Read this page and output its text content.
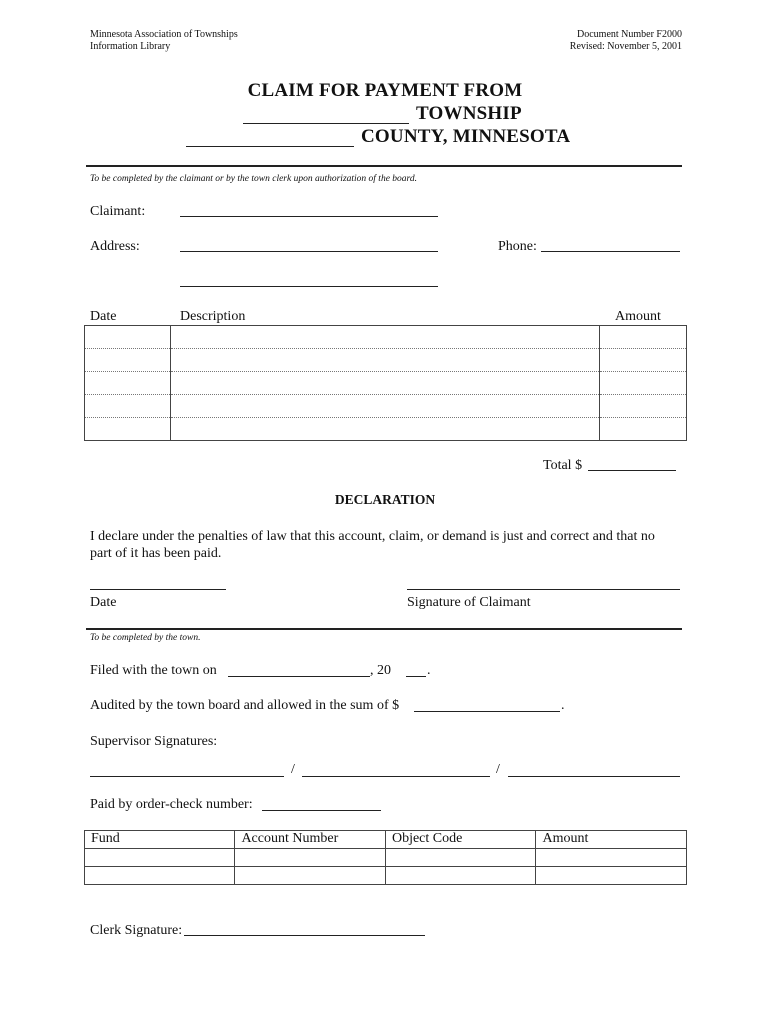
Minnesota Association of Townships
Information Library
Document Number F2000
Revised: November 5, 2001
CLAIM FOR PAYMENT FROM
TOWNSHIP
COUNTY, MINNESOTA
To be completed by the claimant or by the town clerk upon authorization of the board.
Claimant:
Address:	Phone:
Date	Description	Amount

Total $
DECLARATION
I declare under the penalties of law that this account, claim, or demand is just and correct and that no part of it has been paid.
Date	Signature of Claimant
To be completed by the town.
Filed with the town on	, 20	.
Audited by the town board and allowed in the sum of $	.
Supervisor Signatures:
/	/
Paid by order-check number:
Fund	Account Number	Object Code	Amount

Clerk Signature:
